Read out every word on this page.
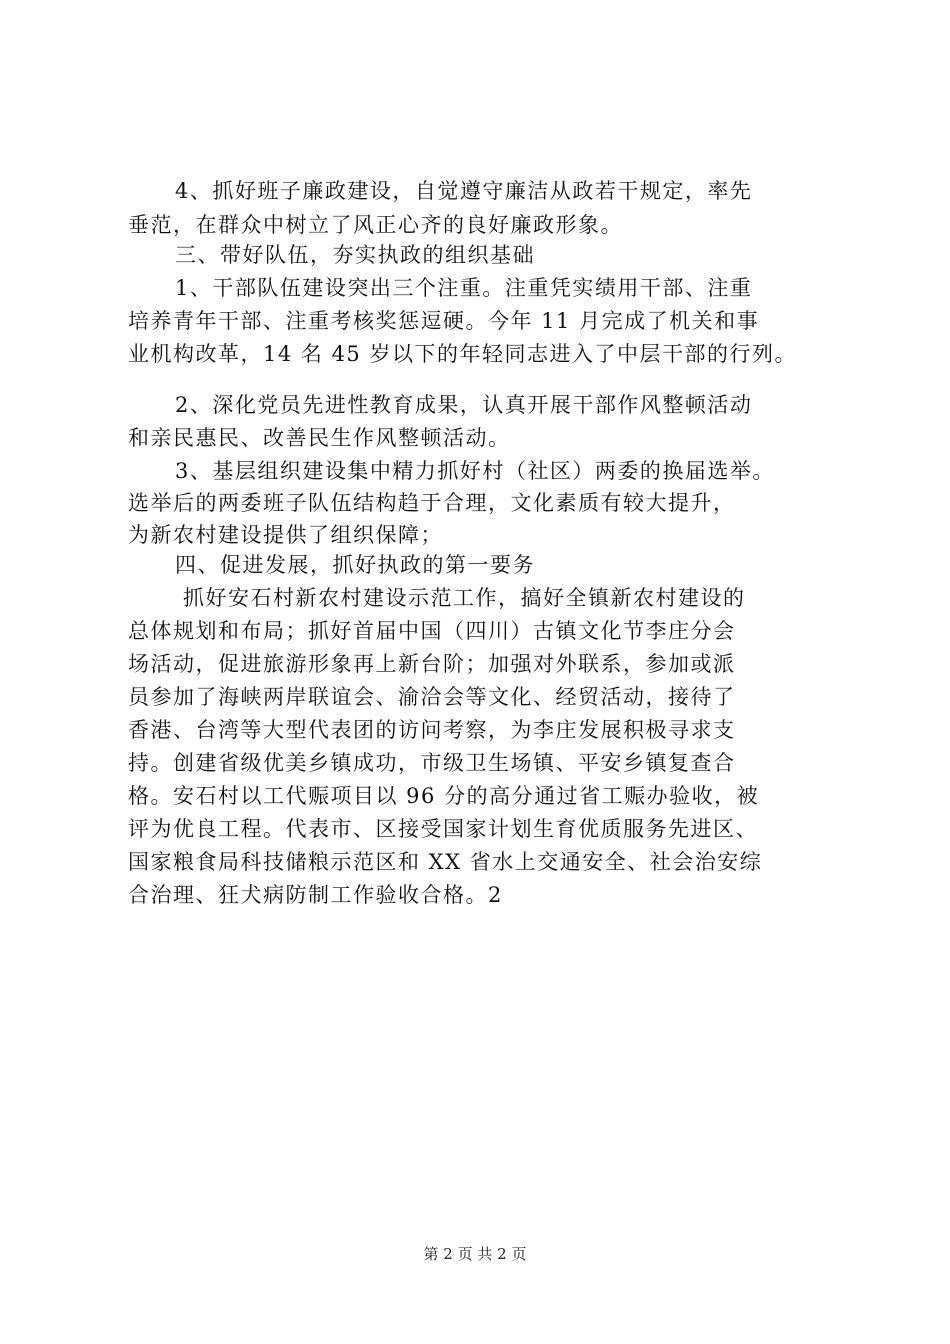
4、抓好班子廉政建设，自觉遵守廉洁从政若干规定，率先
垂范，在群众中树立了风正心齐的良好廉政形象。
三、带好队伍，夯实执政的组织基础
1、干部队伍建设突出三个注重。注重凭实绩用干部、注重
培养青年干部、注重考核奖惩逗硬。今年 11 月完成了机关和事
业机构改革，14 名 45 岁以下的年轻同志进入了中层干部的行列。
2、深化党员先进性教育成果，认真开展干部作风整顿活动
和亲民惠民、改善民生作风整顿活动。
3、基层组织建设集中精力抓好村（社区）两委的换届选举。
选举后的两委班子队伍结构趋于合理，文化素质有较大提升，
为新农村建设提供了组织保障；
四、促进发展，抓好执政的第一要务
抓好安石村新农村建设示范工作，搞好全镇新农村建设的
总体规划和布局；抓好首届中国（四川）古镇文化节李庄分会
场活动，促进旅游形象再上新台阶；加强对外联系，参加或派
员参加了海峡两岸联谊会、渝洽会等文化、经贸活动，接待了
香港、台湾等大型代表团的访问考察，为李庄发展积极寻求支
持。创建省级优美乡镇成功，市级卫生场镇、平安乡镇复查合
格。安石村以工代赈项目以 96 分的高分通过省工赈办验收，被
评为优良工程。代表市、区接受国家计划生育优质服务先进区、
国家粮食局科技储粮示范区和 XX 省水上交通安全、社会治安综
合治理、狂犬病防制工作验收合格。2
第 2 页 共 2 页
